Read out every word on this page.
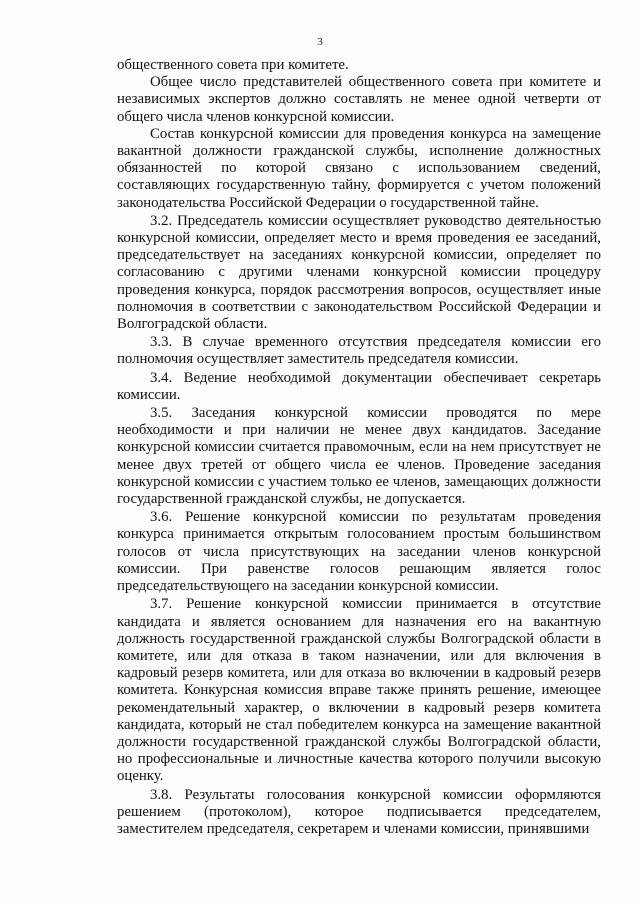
3

общественного совета при комитете.

Общее число представителей общественного совета при комитете и независимых экспертов должно составлять не менее одной четверти от общего числа членов конкурсной комиссии.

Состав конкурсной комиссии для проведения конкурса на замещение вакантной должности гражданской службы, исполнение должностных обязанностей по которой связано с использованием сведений, составляющих государственную тайну, формируется с учетом положений законодательства Российской Федерации о государственной тайне.

3.2. Председатель комиссии осуществляет руководство деятельностью конкурсной комиссии, определяет место и время проведения ее заседаний, председательствует на заседаниях конкурсной комиссии, определяет по согласованию с другими членами конкурсной комиссии процедуру проведения конкурса, порядок рассмотрения вопросов, осуществляет иные полномочия в соответствии с законодательством Российской Федерации и Волгоградской области.

3.3. В случае временного отсутствия председателя комиссии его полномочия осуществляет заместитель председателя комиссии.

3.4. Ведение необходимой документации обеспечивает секретарь комиссии.

3.5. Заседания конкурсной комиссии проводятся по мере необходимости и при наличии не менее двух кандидатов. Заседание конкурсной комиссии считается правомочным, если на нем присутствует не менее двух третей от общего числа ее членов. Проведение заседания конкурсной комиссии с участием только ее членов, замещающих должности государственной гражданской службы, не допускается.

3.6. Решение конкурсной комиссии по результатам проведения конкурса принимается открытым голосованием простым большинством голосов от числа присутствующих на заседании членов конкурсной комиссии. При равенстве голосов решающим является голос председательствующего на заседании конкурсной комиссии.

3.7. Решение конкурсной комиссии принимается в отсутствие кандидата и является основанием для назначения его на вакантную должность государственной гражданской службы Волгоградской области в комитете, или для отказа в таком назначении, или для включения в кадровый резерв комитета, или для отказа во включении в кадровый резерв комитета. Конкурсная комиссия вправе также принять решение, имеющее рекомендательный характер, о включении в кадровый резерв комитета кандидата, который не стал победителем конкурса на замещение вакантной должности государственной гражданской службы Волгоградской области, но профессиональные и личностные качества которого получили высокую оценку.

3.8. Результаты голосования конкурсной комиссии оформляются решением (протоколом), которое подписывается председателем, заместителем председателя, секретарем и членами комиссии, принявшими
